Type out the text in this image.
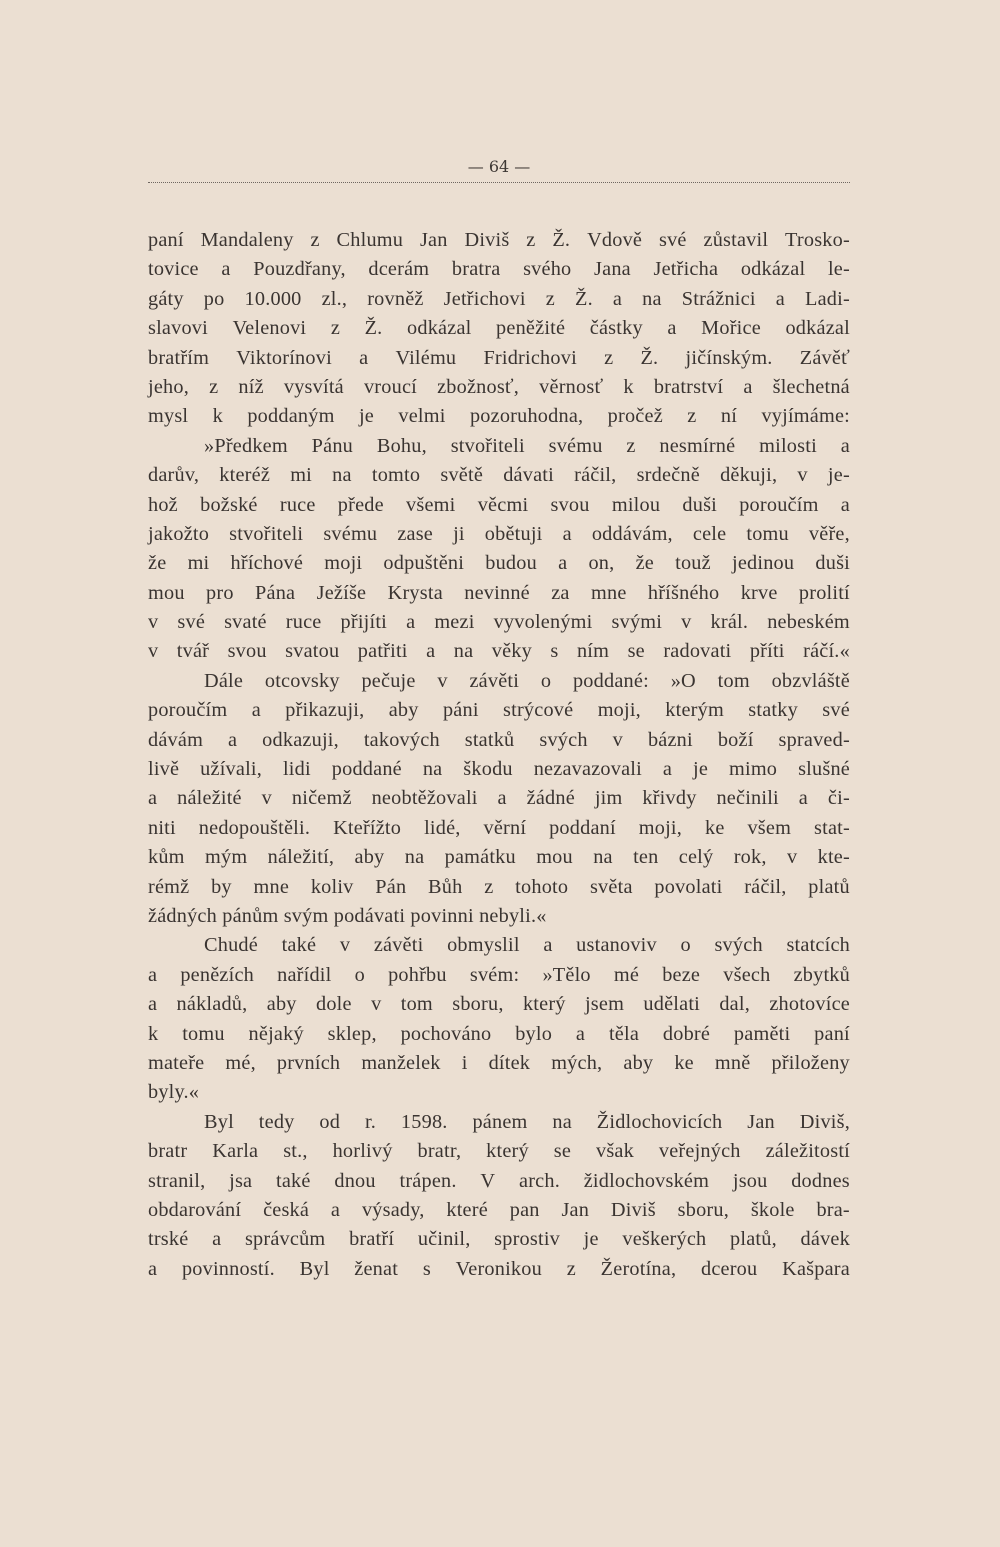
— 64 —
paní Mandaleny z Chlumu Jan Diviš z Ž. Vdově své zůstavil Trosko-
tovice a Pouzdřany, dcerám bratra svého Jana Jetřicha odkázal le-
gáty po 10.000 zl., rovněž Jetřichovi z Ž. a na Strážnici a Ladi-
slavovi Velenovi z Ž. odkázal peněžité částky a Mořice odkázal
bratřím Viktorínovi a Vilému Fridrichovi z Ž. jičínským. Závěť
jeho, z níž vysvítá vroucí zbožnosť, věrnosť k bratrství a šlechetná
mysl k poddaným je velmi pozoruhodna, pročež z ní vyjímáme:
»Předkem Pánu Bohu, stvořiteli svému z nesmírné milosti a
darův, kteréž mi na tomto světě dávati ráčil, srdečně děkuji, v je-
hož božské ruce přede všemi věcmi svou milou duši poroučím a
jakožto stvořiteli svému zase ji obětuji a oddávám, cele tomu věře,
že mi hříchové moji odpuštěni budou a on, že touž jedinou duši
mou pro Pána Ježíše Krysta nevinné za mne hříšného krve prolití
v své svaté ruce přijíti a mezi vyvolenými svými v král. nebeském
v tvář svou svatou patřiti a na věky s ním se radovati příti ráčí.«
Dále otcovsky pečuje v závěti o poddané: »O tom obzvláště
poroučím a přikazuji, aby páni strýcové moji, kterým statky své
dávám a odkazuji, takových statků svých v bázni boží spraved-
livě užívali, lidi poddané na škodu nezavazovali a je mimo slušné
a náležité v ničemž neobtěžovali a žádné jim křivdy nečinili a či-
niti nedopouštěli. Kteřížto lidé, věrní poddaní moji, ke všem stat-
kům mým náležití, aby na památku mou na ten celý rok, v kte-
rémž by mne koliv Pán Bůh z tohoto světa povolati ráčil, platů
žádných pánům svým podávati povinni nebyli.«
Chudé také v závěti obmyslil a ustanoviv o svých statcích
a penězích nařídil o pohřbu svém: »Tělo mé beze všech zbytků
a nákladů, aby dole v tom sboru, který jsem udělati dal, zhotovíce
k tomu nějaký sklep, pochováno bylo a těla dobré paměti paní
mateře mé, prvních manželek i dítek mých, aby ke mně přiloženy
byly.«
Byl tedy od r. 1598. pánem na Židlochovicích Jan Diviš,
bratr Karla st., horlivý bratr, který se však veřejných záležitostí
stranil, jsa také dnou trápen. V arch. židlochovském jsou dodnes
obdarování česká a výsady, které pan Jan Diviš sboru, škole bra-
trské a správcům bratří učinil, sprostiv je veškerých platů, dávek
a povinností. Byl ženat s Veronikou z Žerotína, dcerou Kašpara
